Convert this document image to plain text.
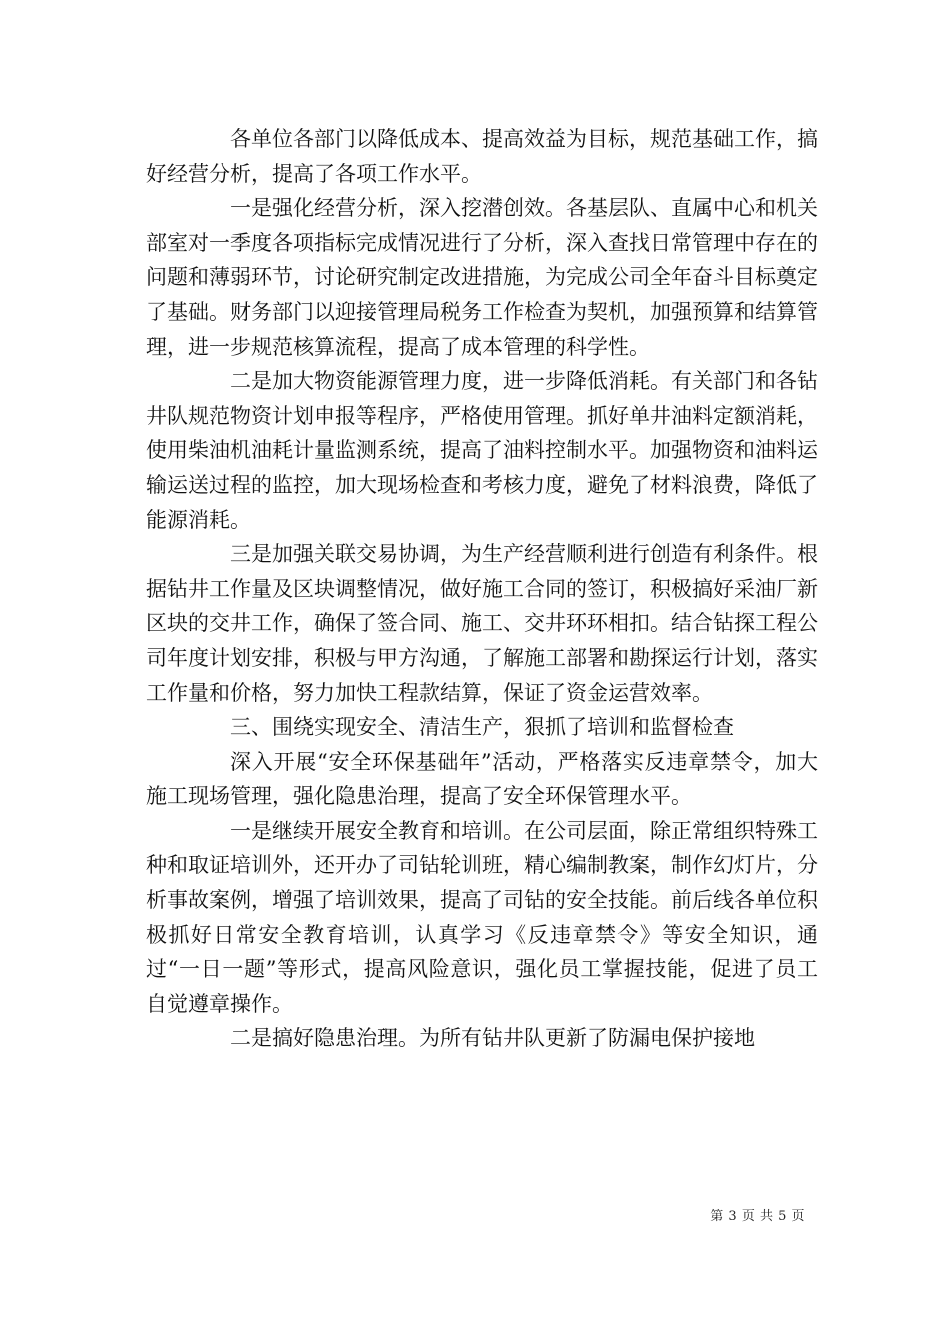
各单位各部门以降低成本、提高效益为目标，规范基础工作，搞好经营分析，提高了各项工作水平。

一是强化经营分析，深入挖潜创效。各基层队、直属中心和机关部室对一季度各项指标完成情况进行了分析，深入查找日常管理中存在的问题和薄弱环节，讨论研究制定改进措施，为完成公司全年奋斗目标奠定了基础。财务部门以迎接管理局税务工作检查为契机，加强预算和结算管理，进一步规范核算流程，提高了成本管理的科学性。

二是加大物资能源管理力度，进一步降低消耗。有关部门和各钻井队规范物资计划申报等程序，严格使用管理。抓好单井油料定额消耗，使用柴油机油耗计量监测系统，提高了油料控制水平。加强物资和油料运输运送过程的监控，加大现场检查和考核力度，避免了材料浪费，降低了能源消耗。

三是加强关联交易协调，为生产经营顺利进行创造有利条件。根据钻井工作量及区块调整情况，做好施工合同的签订，积极搞好采油厂新区块的交井工作，确保了签合同、施工、交井环环相扣。结合钻探工程公司年度计划安排，积极与甲方沟通，了解施工部署和勘探运行计划，落实工作量和价格，努力加快工程款结算，保证了资金运营效率。

三、围绕实现安全、清洁生产，狠抓了培训和监督检查

深入开展“安全环保基础年”活动，严格落实反违章禁令，加大施工现场管理，强化隐患治理，提高了安全环保管理水平。

一是继续开展安全教育和培训。在公司层面，除正常组织特殊工种和取证培训外，还开办了司钻轮训班，精心编制教案，制作幻灯片，分析事故案例，增强了培训效果，提高了司钻的安全技能。前后线各单位积极抓好日常安全教育培训，认真学习《反违章禁令》等安全知识，通过“一日一题”等形式，提高风险意识，强化员工掌握技能，促进了员工自觉遵章操作。

二是搞好隐患治理。为所有钻井队更新了防漏电保护接地

第 3 页 共 5 页
